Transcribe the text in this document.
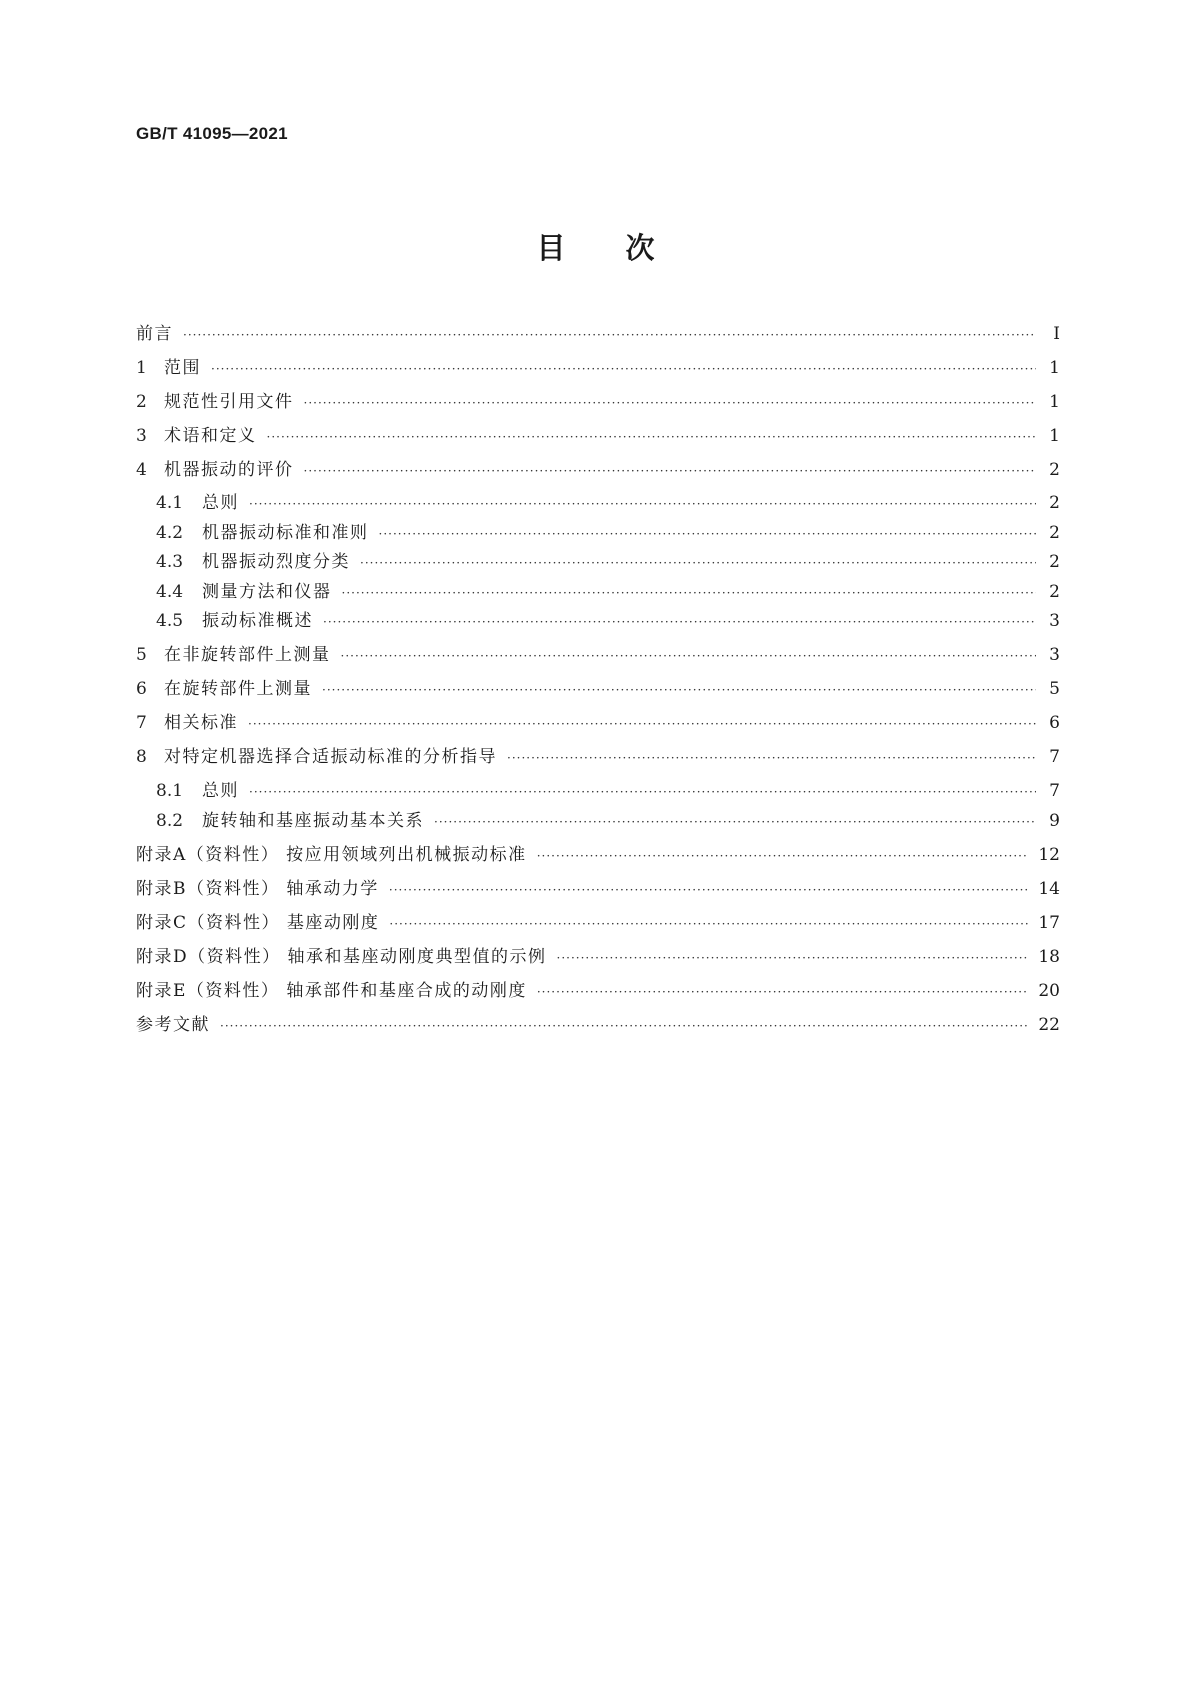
GB/T 41095—2021
目 次
前言 ·····	Ⅰ
1	范围 ·····	1
2	规范性引用文件 ·····	1
3	术语和定义 ·····	1
4	机器振动的评价 ·····	2
4.1	总则 ·····	2
4.2	机器振动标准和准则 ·····	2
4.3	机器振动烈度分类 ·····	2
4.4	测量方法和仪器 ·····	2
4.5	振动标准概述 ·····	3
5	在非旋转部件上测量 ·····	3
6	在旋转部件上测量 ·····	5
7	相关标准 ·····	6
8	对特定机器选择合适振动标准的分析指导 ·····	7
8.1	总则 ·····	7
8.2	旋转轴和基座振动基本关系 ·····	9
附录A（资料性） 按应用领域列出机械振动标准 ·····	12
附录B（资料性） 轴承动力学 ·····	14
附录C（资料性） 基座动刚度 ·····	17
附录D（资料性） 轴承和基座动刚度典型值的示例 ·····	18
附录E（资料性） 轴承部件和基座合成的动刚度 ·····	20
参考文献 ·····	22
